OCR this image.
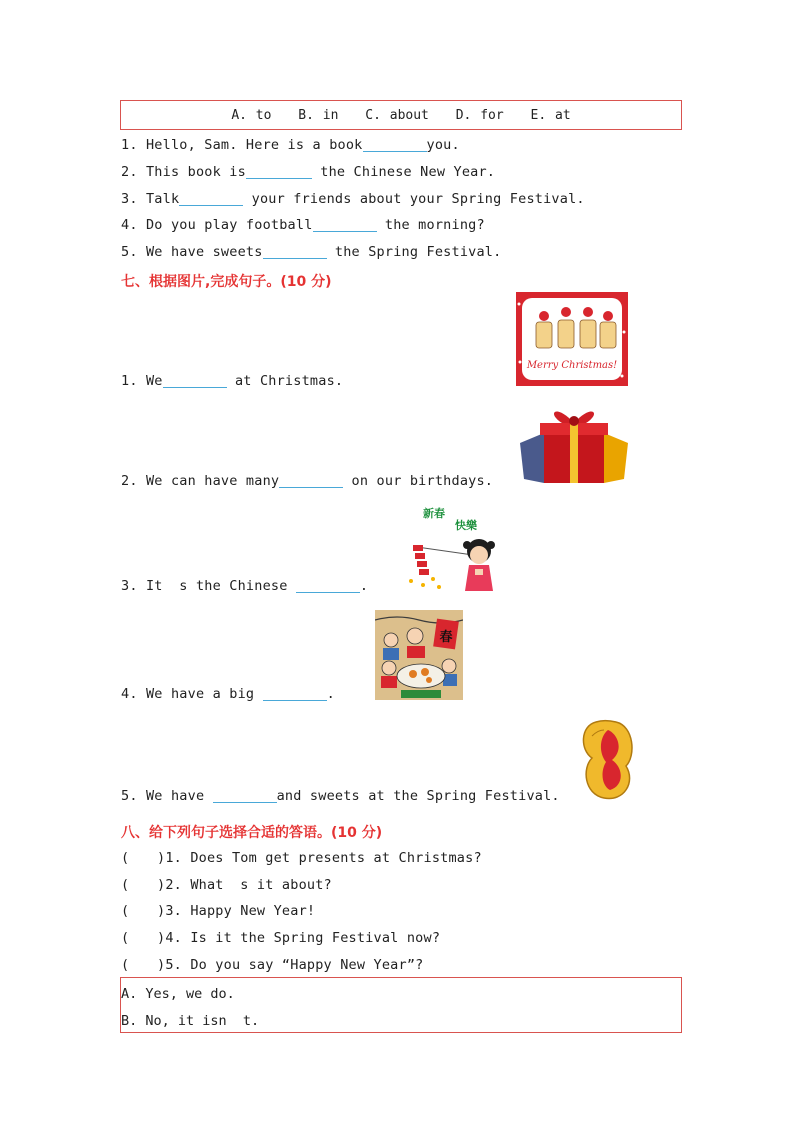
A. to B. in C. about D. for E. at
1. Hello, Sam. Here is a book	you.
2. This book is	the Chinese New Year.
3. Talk	your friends about your Spring Festival.
4. Do you play football	the morning?
5. We have sweets	the Spring Festival.
七、根据图片,完成句子。(10 分)
Merry Christmas!
1. We	at Christmas.
2. We can have many	on our birthdays.
新春
快樂
3. It  s the Chinese	.
春
4. We have a big	.
5. We have	and sweets at the Spring Festival.
八、给下列句子选择合适的答语。(10 分)
( )1. Does Tom get presents at Christmas?
( )2. What  s it about?
( )3. Happy New Year!
( )4. Is it the Spring Festival now?
( )5. Do you say “Happy New Year”?
A. Yes, we do.
B. No, it isn  t.
